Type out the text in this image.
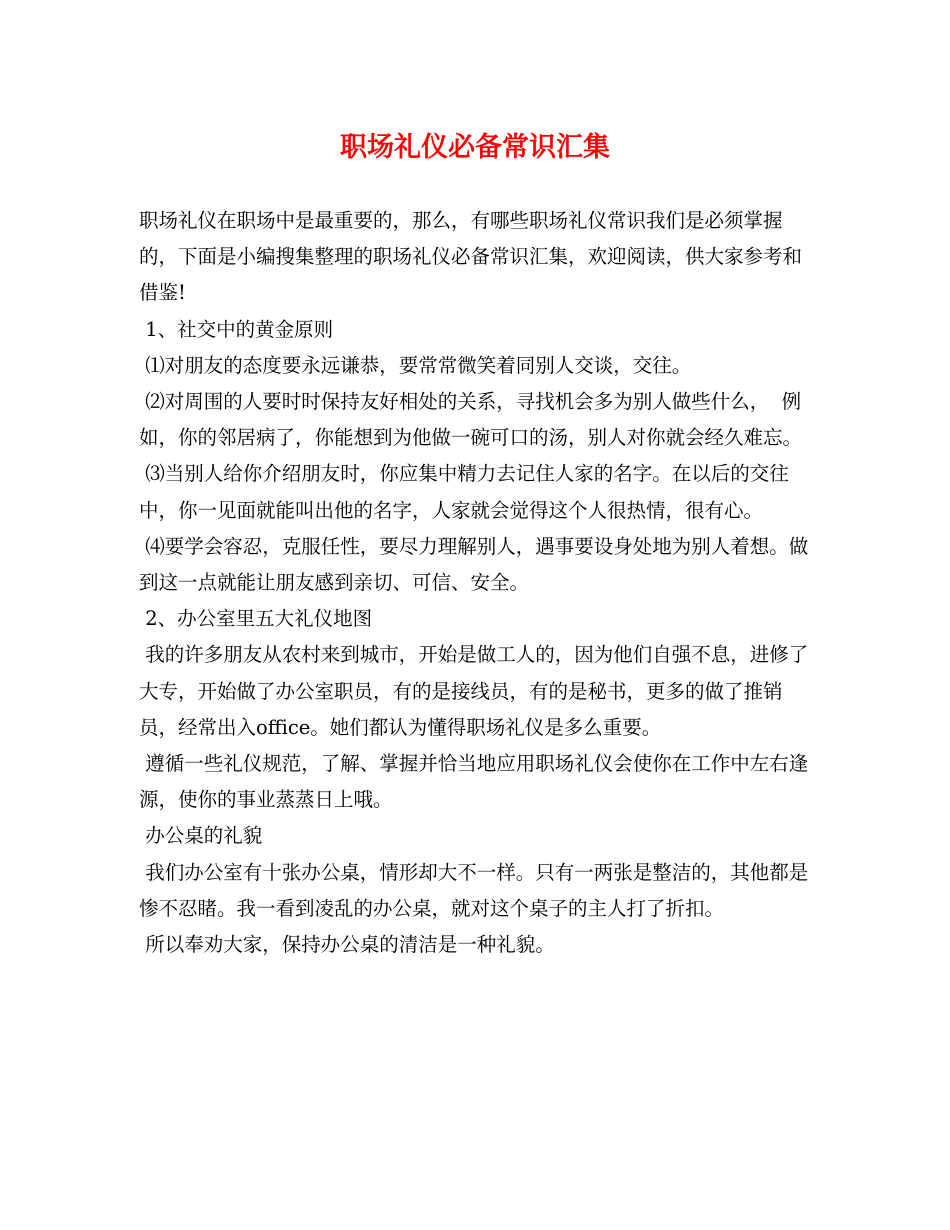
职场礼仪必备常识汇集

职场礼仪在职场中是最重要的，那么，有哪些职场礼仪常识我们是必须掌握的，下面是小编搜集整理的职场礼仪必备常识汇集，欢迎阅读，供大家参考和借鉴!

1、社交中的黄金原则

⑴对朋友的态度要永远谦恭，要常常微笑着同别人交谈，交往。

⑵对周围的人要时时保持友好相处的关系，寻找机会多为别人做些什么，  例如，你的邻居病了，你能想到为他做一碗可口的汤，别人对你就会经久难忘。

⑶当别人给你介绍朋友时，你应集中精力去记住人家的名字。在以后的交往中，你一见面就能叫出他的名字，人家就会觉得这个人很热情，很有心。

⑷要学会容忍，克服任性，要尽力理解别人，遇事要设身处地为别人着想。做到这一点就能让朋友感到亲切、可信、安全。

2、办公室里五大礼仪地图

我的许多朋友从农村来到城市，开始是做工人的，因为他们自强不息，进修了大专，开始做了办公室职员，有的是接线员，有的是秘书，更多的做了推销员，经常出入office。她们都认为懂得职场礼仪是多么重要。

遵循一些礼仪规范，了解、掌握并恰当地应用职场礼仪会使你在工作中左右逢源，使你的事业蒸蒸日上哦。

办公桌的礼貌

我们办公室有十张办公桌，情形却大不一样。只有一两张是整洁的，其他都是惨不忍睹。我一看到凌乱的办公桌，就对这个桌子的主人打了折扣。

所以奉劝大家，保持办公桌的清洁是一种礼貌。
